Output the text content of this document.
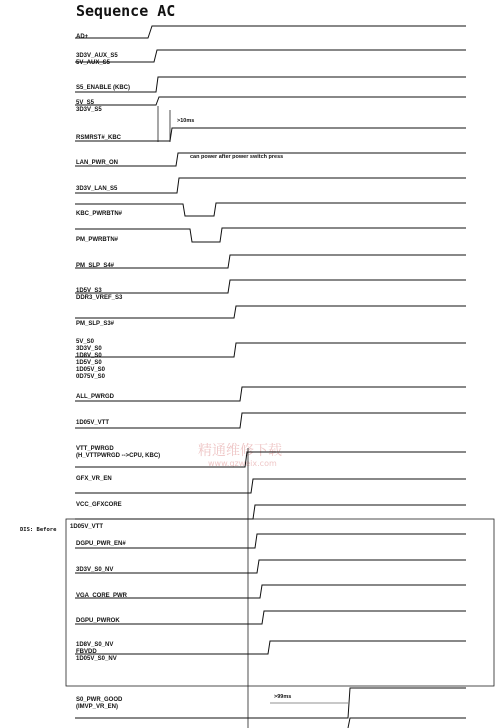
Sequence AC
精通维修下载
www.gzweix.com
DIS: Before
>10ms
can power after power switch press
>99ms
AD+
3D3V_AUX_S5
5V_AUX_S5
S5_ENABLE (KBC)
5V_S5
3D3V_S5
RSMRST#_KBC
LAN_PWR_ON
3D3V_LAN_S5
KBC_PWRBTN#
PM_PWRBTN#
PM_SLP_S4#
1D5V_S3
DDR3_VREF_S3
PM_SLP_S3#
5V_S0
3D3V_S0
1D8V_S0
1D5V_S0
1D05V_S0
0D75V_S0
ALL_PWRGD
1D05V_VTT
VTT_PWRGD
(H_VTTPWRGD -->CPU, KBC)
GFX_VR_EN
VCC_GFXCORE
1D05V_VTT
DGPU_PWR_EN#
3D3V_S0_NV
VGA_CORE_PWR
DGPU_PWROK
1D8V_S0_NV
FBVDD
1D05V_S0_NV
S0_PWR_GOOD
(IMVP_VR_EN)
